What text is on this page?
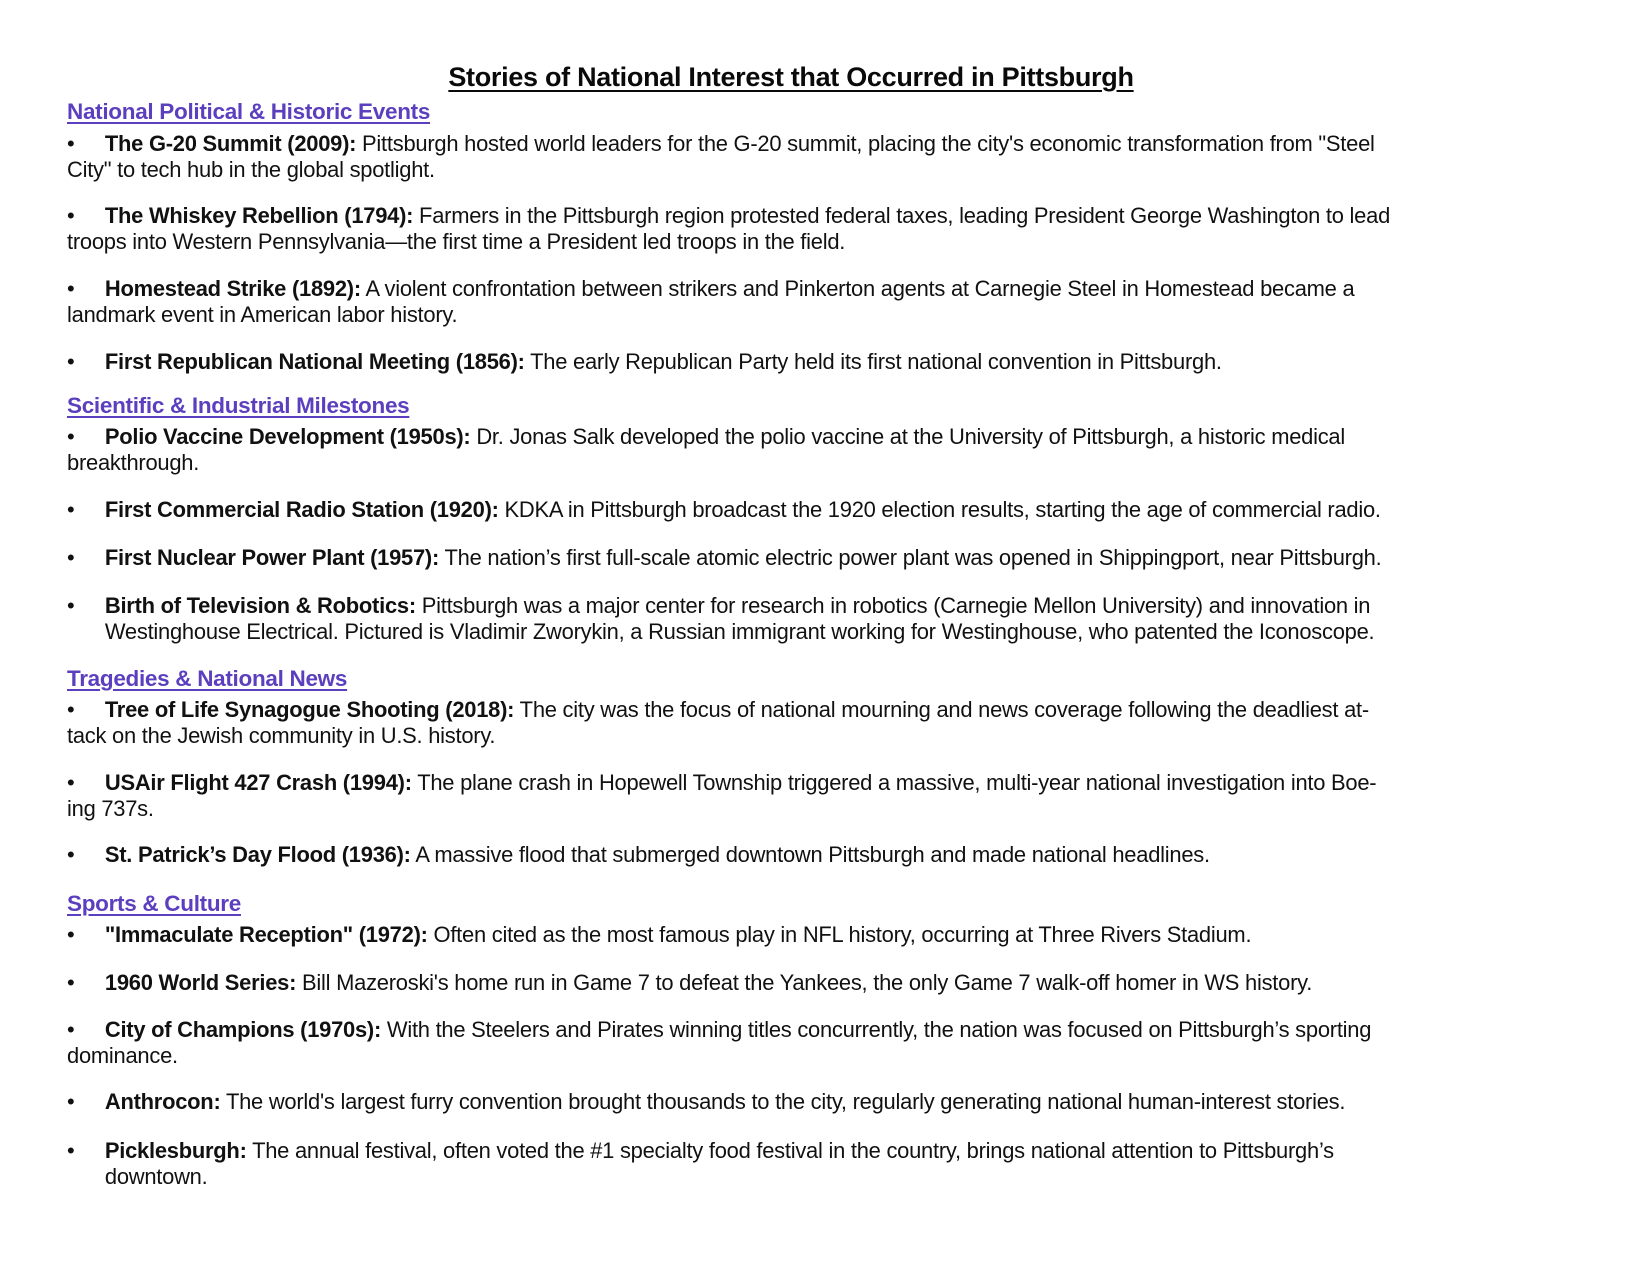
Stories of National Interest that Occurred in Pittsburgh
National Political & Historic Events
• The G-20 Summit (2009): Pittsburgh hosted world leaders for the G-20 summit, placing the city's economic transformation from "Steel
City" to tech hub in the global spotlight.
• The Whiskey Rebellion (1794): Farmers in the Pittsburgh region protested federal taxes, leading President George Washington to lead
troops into Western Pennsylvania—the first time a President led troops in the field.
• Homestead Strike (1892): A violent confrontation between strikers and Pinkerton agents at Carnegie Steel in Homestead became a
landmark event in American labor history.
• First Republican National Meeting (1856): The early Republican Party held its first national convention in Pittsburgh.
Scientific & Industrial Milestones
• Polio Vaccine Development (1950s): Dr. Jonas Salk developed the polio vaccine at the University of Pittsburgh, a historic medical
breakthrough.
• First Commercial Radio Station (1920): KDKA in Pittsburgh broadcast the 1920 election results, starting the age of commercial radio.
• First Nuclear Power Plant (1957): The nation’s first full-scale atomic electric power plant was opened in Shippingport, near Pittsburgh.
• Birth of Television & Robotics: Pittsburgh was a major center for research in robotics (Carnegie Mellon University) and innovation in
Westinghouse Electrical. Pictured is Vladimir Zworykin, a Russian immigrant working for Westinghouse, who patented the Iconoscope.
Tragedies & National News
• Tree of Life Synagogue Shooting (2018): The city was the focus of national mourning and news coverage following the deadliest at-
tack on the Jewish community in U.S. history.
• USAir Flight 427 Crash (1994): The plane crash in Hopewell Township triggered a massive, multi-year national investigation into Boe-
ing 737s.
• St. Patrick’s Day Flood (1936): A massive flood that submerged downtown Pittsburgh and made national headlines.
Sports & Culture
• "Immaculate Reception" (1972): Often cited as the most famous play in NFL history, occurring at Three Rivers Stadium.
• 1960 World Series: Bill Mazeroski's home run in Game 7 to defeat the Yankees, the only Game 7 walk-off homer in WS history.
• City of Champions (1970s): With the Steelers and Pirates winning titles concurrently, the nation was focused on Pittsburgh’s sporting
dominance.
• Anthrocon: The world's largest furry convention brought thousands to the city, regularly generating national human-interest stories.
• Picklesburgh: The annual festival, often voted the #1 specialty food festival in the country, brings national attention to Pittsburgh’s
downtown.
